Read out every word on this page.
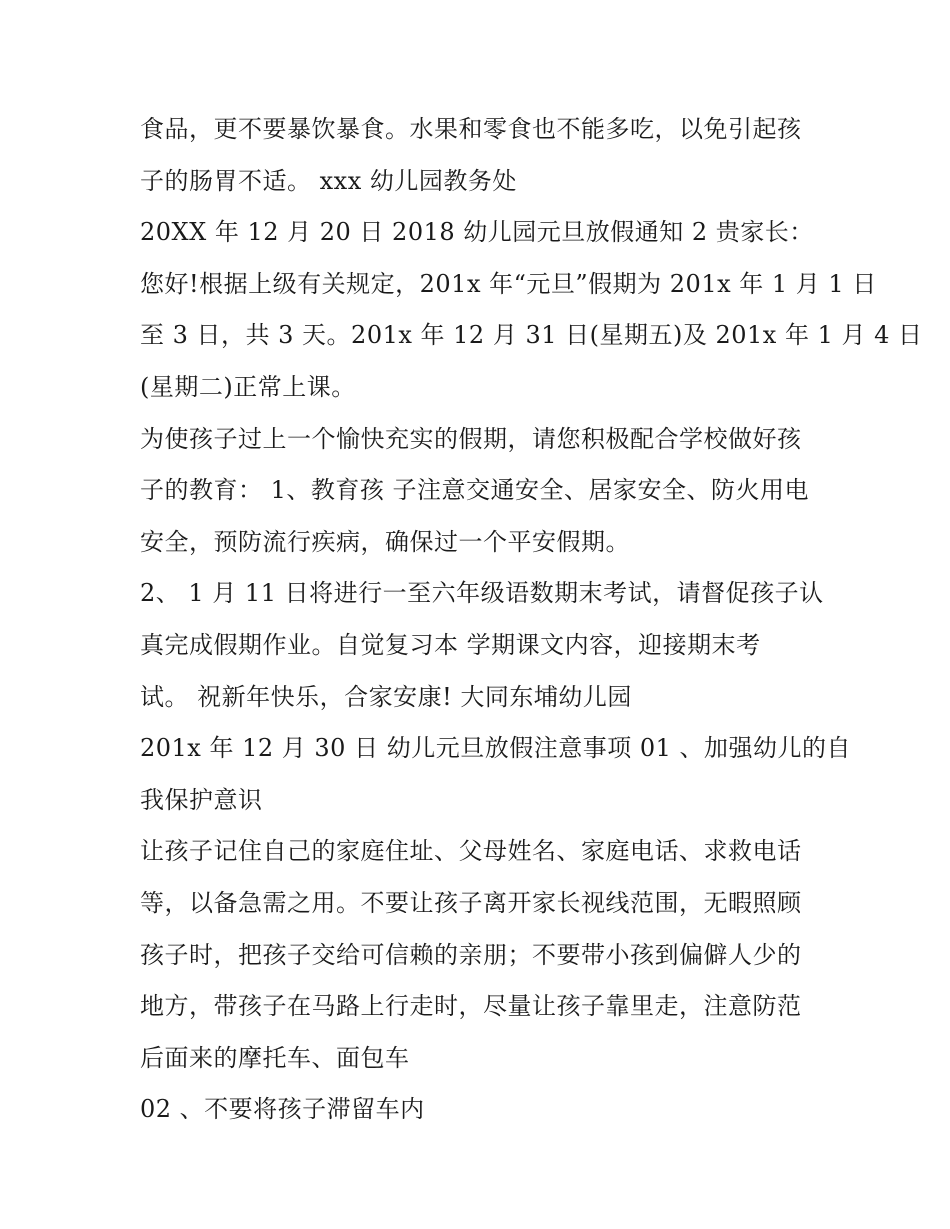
食品，更不要暴饮暴食。水果和零食也不能多吃，以免引起孩
子的肠胃不适。 xxx 幼儿园教务处
20XX 年 12 月 20 日 2018 幼儿园元旦放假通知 2 贵家长：
您好!根据上级有关规定，201x 年“元旦”假期为 201x 年 1 月 1 日
至 3 日，共 3 天。201x 年 12 月 31 日(星期五)及 201x 年 1 月 4 日
(星期二)正常上课。
为使孩子过上一个愉快充实的假期，请您积极配合学校做好孩
子的教育： 1、教育孩 子注意交通安全、居家安全、防火用电
安全，预防流行疾病，确保过一个平安假期。
2、 1 月 11 日将进行一至六年级语数期末考试，请督促孩子认
真完成假期作业。自觉复习本 学期课文内容，迎接期末考
试。 祝新年快乐，合家安康! 大同东埔幼儿园
201x 年 12 月 30 日 幼儿元旦放假注意事项 01 、加强幼儿的自
我保护意识
让孩子记住自己的家庭住址、父母姓名、家庭电话、求救电话
等，以备急需之用。不要让孩子离开家长视线范围，无暇照顾
孩子时，把孩子交给可信赖的亲朋；不要带小孩到偏僻人少的
地方，带孩子在马路上行走时，尽量让孩子靠里走，注意防范
后面来的摩托车、面包车
02 、不要将孩子滞留车内
